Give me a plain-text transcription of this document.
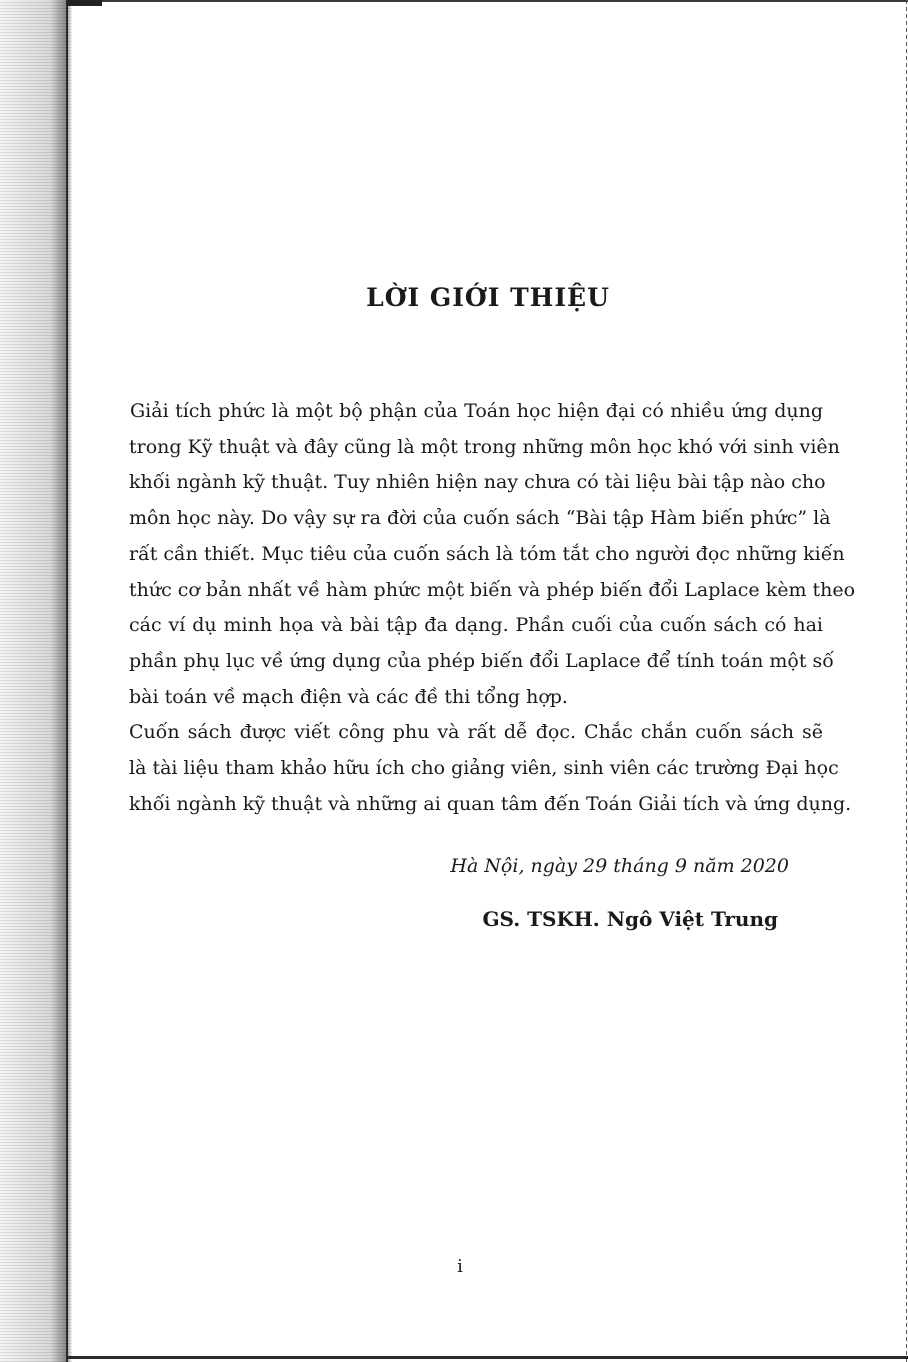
LỜI GIỚI THIỆU

Giải tích phức là một bộ phận của Toán học hiện đại có nhiều ứng dụng
trong Kỹ thuật và đây cũng là một trong những môn học khó với sinh viên
khối ngành kỹ thuật. Tuy nhiên hiện nay chưa có tài liệu bài tập nào cho
môn học này. Do vậy sự ra đời của cuốn sách “Bài tập Hàm biến phức” là
rất cần thiết. Mục tiêu của cuốn sách là tóm tắt cho người đọc những kiến
thức cơ bản nhất về hàm phức một biến và phép biến đổi Laplace kèm theo
các ví dụ minh họa và bài tập đa dạng. Phần cuối của cuốn sách có hai
phần phụ lục về ứng dụng của phép biến đổi Laplace để tính toán một số
bài toán về mạch điện và các đề thi tổng hợp.

Cuốn sách được viết công phu và rất dễ đọc. Chắc chắn cuốn sách sẽ
là tài liệu tham khảo hữu ích cho giảng viên, sinh viên các trường Đại học
khối ngành kỹ thuật và những ai quan tâm đến Toán Giải tích và ứng dụng.

Hà Nội, ngày 29 tháng 9 năm 2020
GS. TSKH. Ngô Việt Trung
i
